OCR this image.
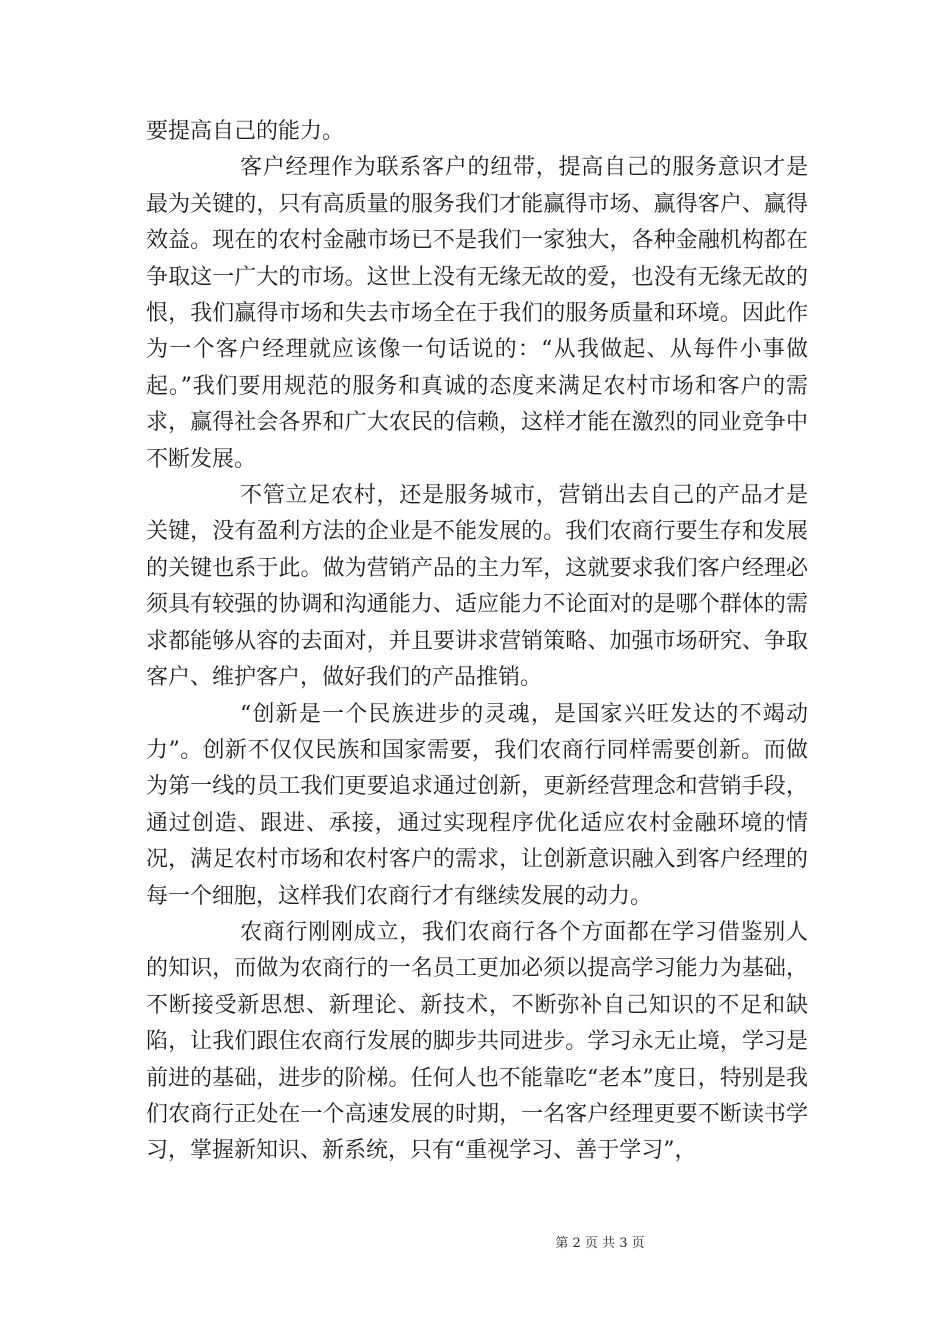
要提高自己的能力。

客户经理作为联系客户的纽带，提高自己的服务意识才是最为关键的，只有高质量的服务我们才能赢得市场、赢得客户、赢得效益。现在的农村金融市场已不是我们一家独大，各种金融机构都在争取这一广大的市场。这世上没有无缘无故的爱，也没有无缘无故的恨，我们赢得市场和失去市场全在于我们的服务质量和环境。因此作为一个客户经理就应该像一句话说的：“从我做起、从每件小事做起。”我们要用规范的服务和真诚的态度来满足农村市场和客户的需求，赢得社会各界和广大农民的信赖，这样才能在激烈的同业竞争中不断发展。

不管立足农村，还是服务城市，营销出去自己的产品才是关键，没有盈利方法的企业是不能发展的。我们农商行要生存和发展的关键也系于此。做为营销产品的主力军，这就要求我们客户经理必须具有较强的协调和沟通能力、适应能力不论面对的是哪个群体的需求都能够从容的去面对，并且要讲求营销策略、加强市场研究、争取客户、维护客户，做好我们的产品推销。

“创新是一个民族进步的灵魂，是国家兴旺发达的不竭动力”。创新不仅仅民族和国家需要，我们农商行同样需要创新。而做为第一线的员工我们更要追求通过创新，更新经营理念和营销手段，通过创造、跟进、承接，通过实现程序优化适应农村金融环境的情况，满足农村市场和农村客户的需求，让创新意识融入到客户经理的每一个细胞，这样我们农商行才有继续发展的动力。

农商行刚刚成立，我们农商行各个方面都在学习借鉴别人的知识，而做为农商行的一名员工更加必须以提高学习能力为基础，不断接受新思想、新理论、新技术，不断弥补自己知识的不足和缺陷，让我们跟住农商行发展的脚步共同进步。学习永无止境，学习是前进的基础，进步的阶梯。任何人也不能靠吃“老本”度日，特别是我们农商行正处在一个高速发展的时期，一名客户经理更要不断读书学习，掌握新知识、新系统，只有“重视学习、善于学习”，

第 2 页 共 3 页
